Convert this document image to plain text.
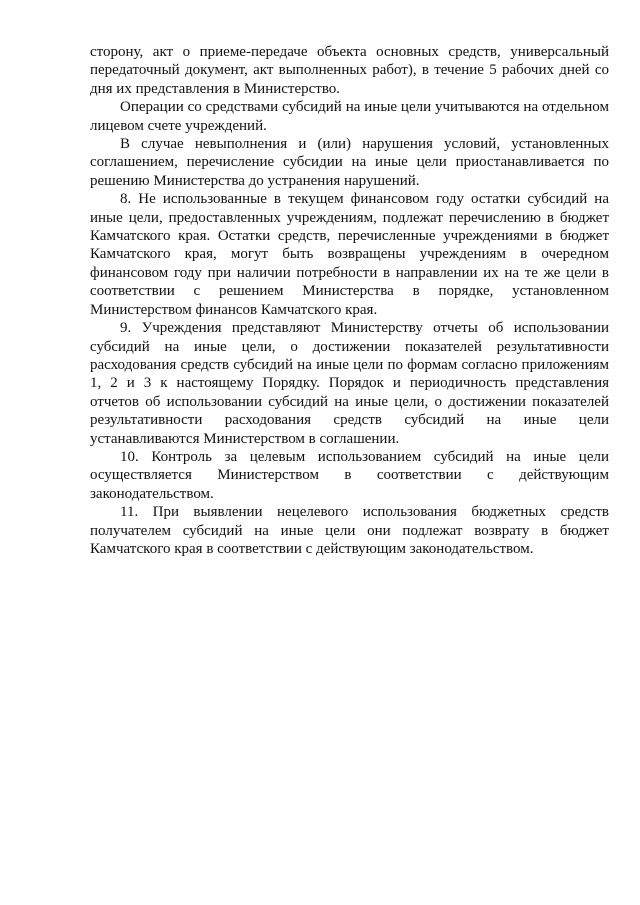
сторону, акт о приеме-передаче объекта основных средств, универсальный передаточный документ, акт выполненных работ), в течение 5 рабочих дней со дня их представления в Министерство.

Операции со средствами субсидий на иные цели учитываются на отдельном лицевом счете учреждений.

В случае невыполнения и (или) нарушения условий, установленных соглашением, перечисление субсидии на иные цели приостанавливается по решению Министерства до устранения нарушений.

8. Не использованные в текущем финансовом году остатки субсидий на иные цели, предоставленных учреждениям, подлежат перечислению в бюджет Камчатского края. Остатки средств, перечисленные учреждениями в бюджет Камчатского края, могут быть возвращены учреждениям в очередном финансовом году при наличии потребности в направлении их на те же цели в соответствии с решением Министерства в порядке, установленном Министерством финансов Камчатского края.

9. Учреждения представляют Министерству отчеты об использовании субсидий на иные цели, о достижении показателей результативности расходования средств субсидий на иные цели по формам согласно приложениям 1, 2 и 3 к настоящему Порядку. Порядок и периодичность представления отчетов об использовании субсидий на иные цели, о достижении показателей результативности расходования средств субсидий на иные цели устанавливаются Министерством в соглашении.

10. Контроль за целевым использованием субсидий на иные цели осуществляется Министерством в соответствии с действующим законодательством.

11. При выявлении нецелевого использования бюджетных средств получателем субсидий на иные цели они подлежат возврату в бюджет Камчатского края в соответствии с действующим законодательством.
